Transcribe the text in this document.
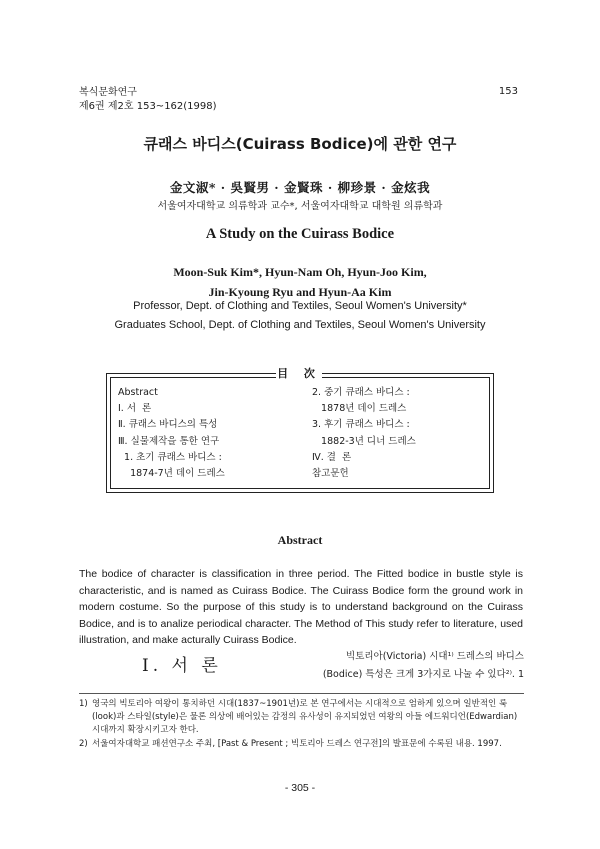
복식문화연구
제6권 제2호 153~162(1998)
153
큐래스 바디스(Cuirass Bodice)에 관한 연구
金文淑* · 吳賢男 · 金賢珠 · 柳珍景 · 金炫我
서울여자대학교 의류학과 교수*, 서울여자대학교 대학원 의류학과
A Study on the Cuirass Bodice
Moon-Suk Kim*, Hyun-Nam Oh, Hyun-Joo Kim,
Jin-Kyoung Ryu and Hyun-Aa Kim
Professor, Dept. of Clothing and Textiles, Seoul Women's University*
Graduates School, Dept. of Clothing and Textiles, Seoul Women's University
目 次
Abstract
Ⅰ. 서  론
Ⅱ. 큐래스 바디스의 특성
Ⅲ. 실물제작을 통한 연구
1. 초기 큐래스 바디스 :
1874-7년 데이 드레스
2. 중기 큐래스 바디스 :
1878년 데이 드레스
3. 후기 큐래스 바디스 :
1882-3년 디너 드레스
Ⅳ. 결  론
참고문헌
Abstract
The bodice of character is classification in three period. The Fitted bodice in bustle style is characteristic, and is named as Cuirass Bodice. The Cuirass Bodice form the ground work in modern costume. So the purpose of this study is to understand background on the Cuirass Bodice, and is to analize periodical character. The Method of This study refer to literature, used illustration, and make acturally Cuirass Bodice.
Ⅰ. 서 론	빅토리아(Victoria) 시대¹⁾ 드레스의 바디스
(Bodice) 특성은 크게 3가지로 나눌 수 있다²⁾. 1
1) 영국의 빅토리아 여왕이 통치하던 시대(1837~1901년)로 본 연구에서는 시대적으로 엄하게 있으며 일반적인 룩(look)과 스타일(style)은 물론 의상에 배어있는 감정의 유사성이 유지되었던 여왕의 아들 에드워디언(Edwardian) 시대까지 확장시키고자 한다.
2) 서울여자대학교 패션연구소 주최, [Past & Present ; 빅토리아 드레스 연구전]의 발표문에 수록된 내용. 1997.
- 305 -
